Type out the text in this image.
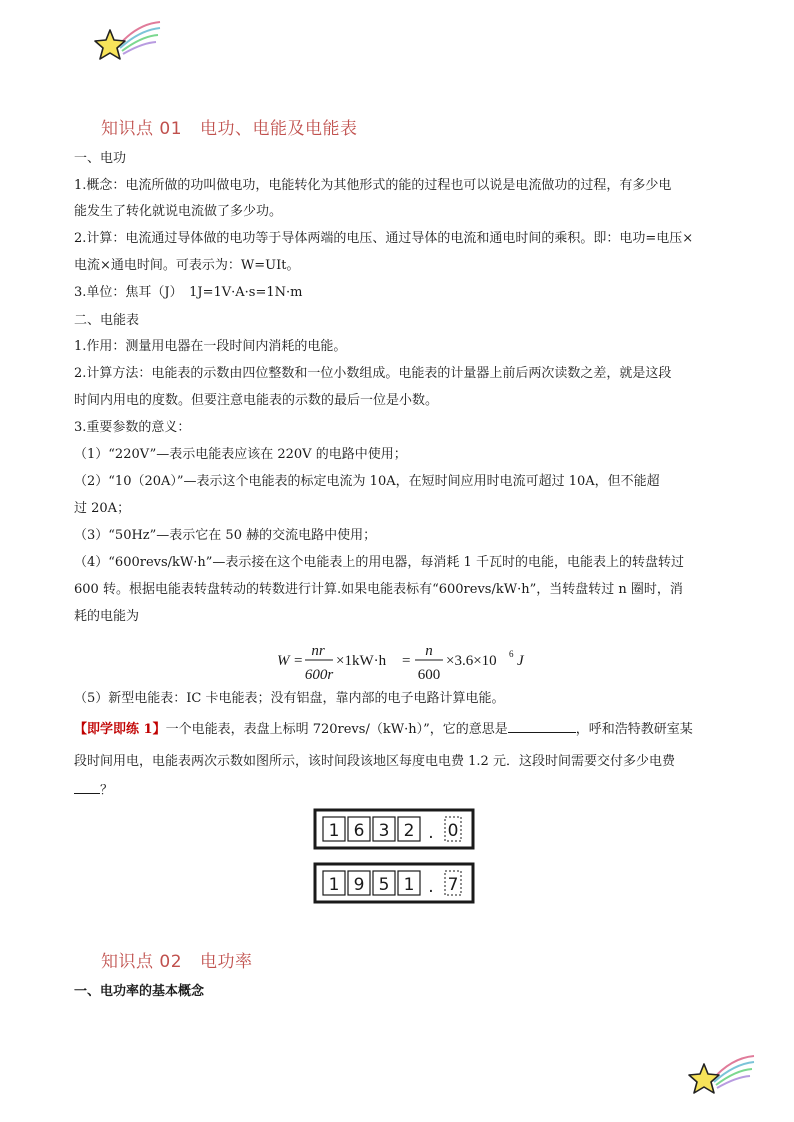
知识点 01 电功、电能及电能表
一、电功
1.概念：电流所做的功叫做电功，电能转化为其他形式的能的过程也可以说是电流做功的过程，有多少电
能发生了转化就说电流做了多少功。
2.计算：电流通过导体做的电功等于导体两端的电压、通过导体的电流和通电时间的乘积。即：电功=电压×
电流×通电时间。可表示为：W=UIt。
3.单位：焦耳（J）　1J=1V·A·s=1N·m
二、电能表
1.作用：测量用电器在一段时间内消耗的电能。
2.计算方法：电能表的示数由四位整数和一位小数组成。电能表的计量器上前后两次读数之差，就是这段
时间内用电的度数。但要注意电能表的示数的最后一位是小数。
3.重要参数的意义：
（1）“220V”—表示电能表应该在 220V 的电路中使用；
（2）“10（20A）”—表示这个电能表的标定电流为 10A，在短时间应用时电流可超过 10A，但不能超
过 20A；
（3）“50Hz”—表示它在 50 赫的交流电路中使用；
（4）“600revs/kW·h”—表示接在这个电能表上的用电器，每消耗 1 千瓦时的电能，电能表上的转盘转过
600 转。根据电能表转盘转动的转数进行计算.如果电能表标有“600revs/kW·h”，当转盘转过 n 圈时，消
耗的电能为
W =
nr
600r
×1kW·h =
n
600
×3.6×10 6 J
（5）新型电能表：IC 卡电能表；没有铝盘，靠内部的电子电路计算电能。
【即学即练 1】一个电能表，表盘上标明 720revs/（kW·h）”，它的意思是	，呼和浩特教研室某
段时间用电，电能表两次示数如图所示，该时间段该地区每度电电费 1.2 元．这段时间需要交付多少电费
？
1 6 3 2 . 0
1 9 5 1 . 7
知识点 02 电功率
一、电功率的基本概念
